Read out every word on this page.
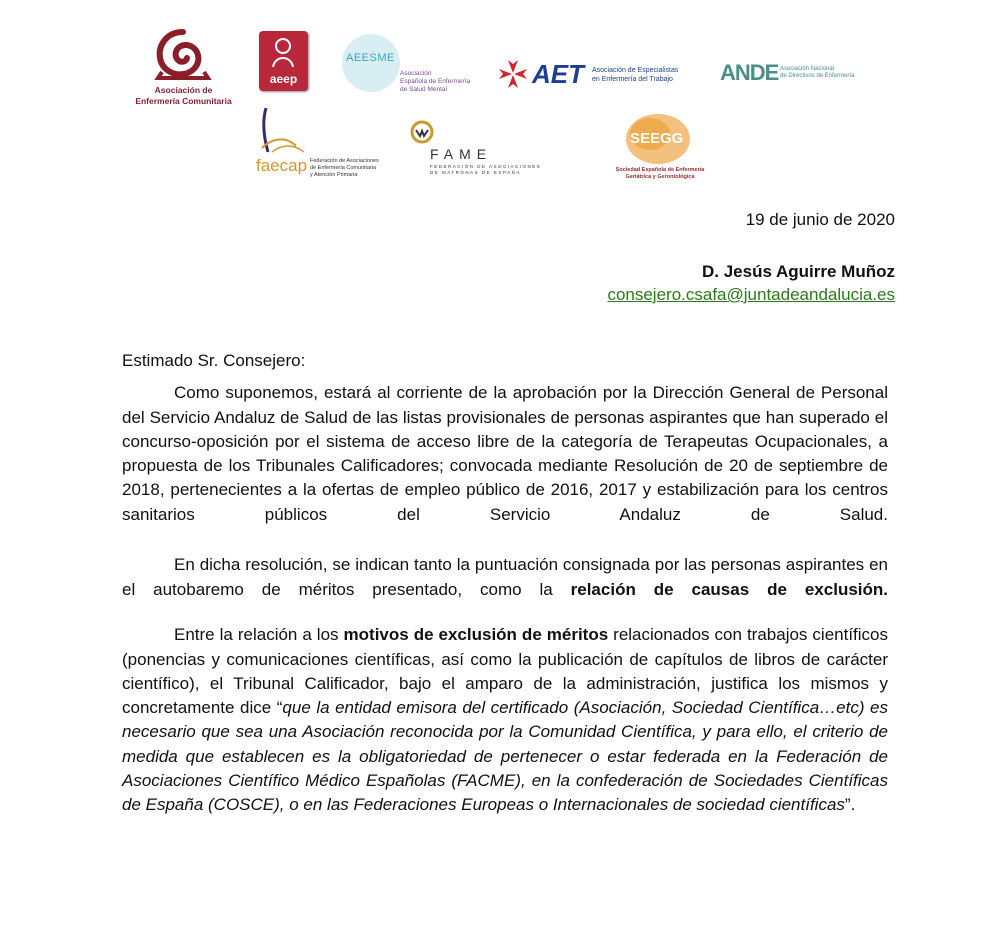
Asociación de
Enfermería Comunitaria
aeep
AEESME
Asociación
Española de Enfermería
de Salud Mental
AET Asociación de Especialistas
en Enfermería del Trabajo ANDE Asociación Nacional
de Directivos de Enfermería
faecap Federación de Asociaciones
de Enfermería Comunitaria
y Atención Primaria
FAME
FEDERACIÓN DE ASOCIACIONES
DE MATRONAS DE ESPAÑA
SEEGG
Sociedad Española de Enfermería
Geriátrica y Gerontológica
19 de junio de 2020
D. Jesús Aguirre Muñoz
consejero.csafa@juntadeandalucia.es

Estimado Sr. Consejero:

Como suponemos, estará al corriente de la aprobación por la Dirección General de Personal del Servicio Andaluz de Salud de las listas provisionales de personas aspirantes que han superado el concurso-oposición por el sistema de acceso libre de la categoría de Terapeutas Ocupacionales, a propuesta de los Tribunales Calificadores; convocada mediante Resolución de 20 de septiembre de 2018, pertenecientes a la ofertas de empleo público de 2016, 2017 y estabilización para los centros sanitarios públicos del Servicio Andaluz de Salud.

En dicha resolución, se indican tanto la puntuación consignada por las personas aspirantes en el autobaremo de méritos presentado, como la relación de causas de exclusión.

Entre la relación a los motivos de exclusión de méritos relacionados con trabajos científicos (ponencias y comunicaciones científicas, así como la publicación de capítulos de libros de carácter científico), el Tribunal Calificador, bajo el amparo de la administración, justifica los mismos y concretamente dice “que la entidad emisora del certificado (Asociación, Sociedad Científica…etc) es necesario que sea una Asociación reconocida por la Comunidad Científica, y para ello, el criterio de medida que establecen es la obligatoriedad de pertenecer o estar federada en la Federación de Asociaciones Científico Médico Españolas (FACME), en la confederación de Sociedades Científicas de España (COSCE), o en las Federaciones Europeas o Internacionales de sociedad científicas”.
